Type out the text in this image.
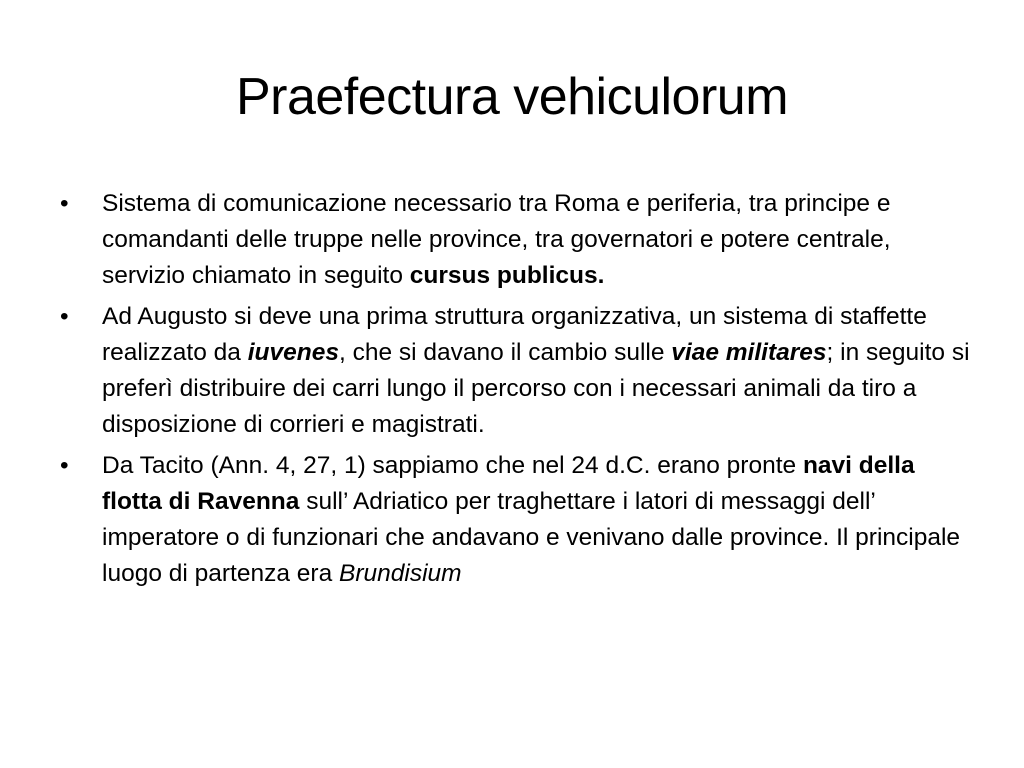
Praefectura vehiculorum
•	Sistema di comunicazione necessario tra Roma e periferia, tra principe e comandanti delle truppe nelle province, tra governatori e potere centrale, servizio chiamato in seguito cursus publicus.
•	Ad Augusto si deve una prima struttura organizzativa, un sistema di staffette realizzato da iuvenes, che si davano il cambio sulle viae militares; in seguito si preferì distribuire dei carri lungo il percorso con i necessari animali da tiro a disposizione di corrieri e magistrati.
•	Da Tacito (Ann. 4, 27, 1) sappiamo che nel 24 d.C. erano pronte navi della flotta di Ravenna sull’ Adriatico per traghettare i latori di messaggi dell’ imperatore o di funzionari che andavano e venivano dalle province. Il principale luogo di partenza era Brundisium
